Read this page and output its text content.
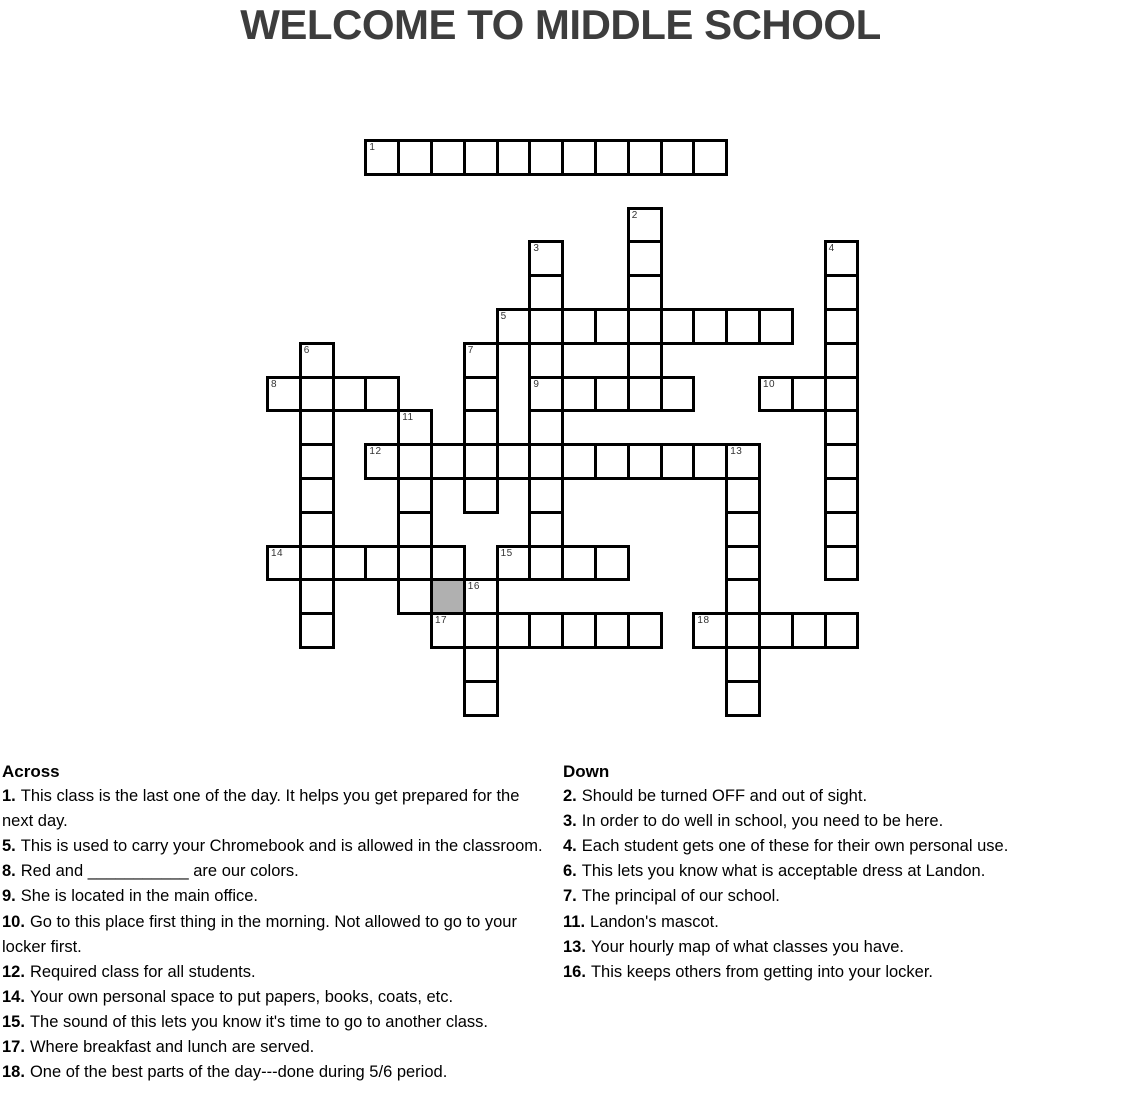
WELCOME TO MIDDLE SCHOOL
1
2
3
9
4
5
6	7
8	10
11
12	13
14	15
16
17	18
Across
1. This class is the last one of the day. It helps you get prepared for the next day.
5. This is used to carry your Chromebook and is allowed in the classroom.
8. Red and ___________ are our colors.
9. She is located in the main office.
10. Go to this place first thing in the morning. Not allowed to go to your locker first.
12. Required class for all students.
14. Your own personal space to put papers, books, coats, etc.
15. The sound of this lets you know it's time to go to another class.
17. Where breakfast and lunch are served.
18. One of the best parts of the day---done during 5/6 period.
Down
2. Should be turned OFF and out of sight.
3. In order to do well in school, you need to be here.
4. Each student gets one of these for their own personal use.
6. This lets you know what is acceptable dress at Landon.
7. The principal of our school.
11. Landon's mascot.
13. Your hourly map of what classes you have.
16. This keeps others from getting into your locker.
